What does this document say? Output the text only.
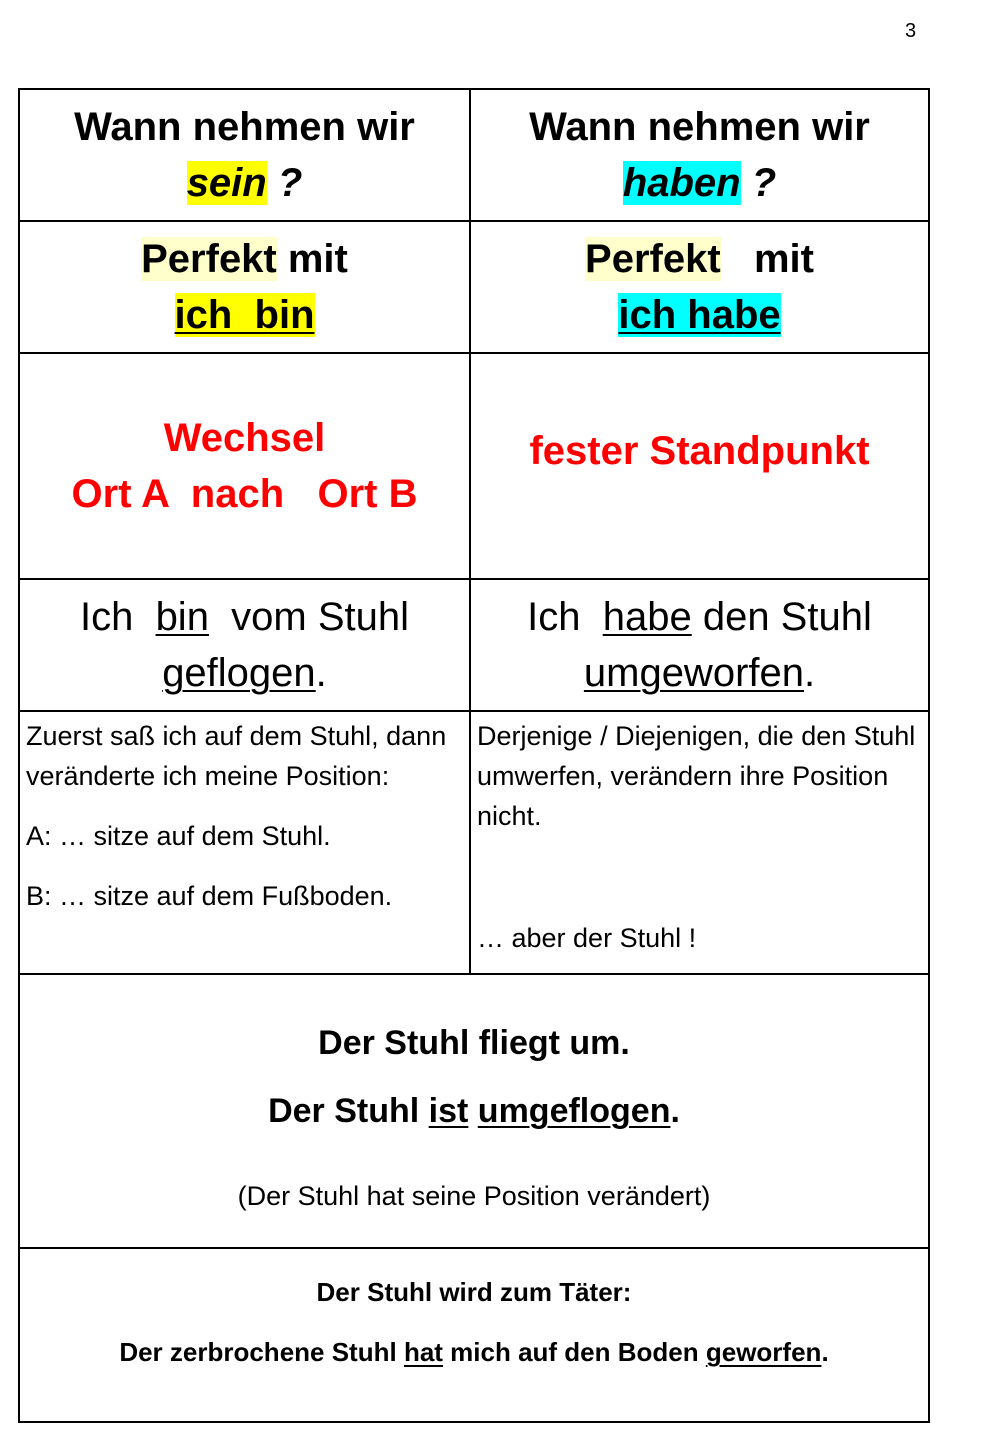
3
Wann nehmen wir
sein ?
Wann nehmen wir
haben ?
Perfekt mit
ich  bin
Perfekt   mit
ich habe
Wechsel
Ort A  nach   Ort B
fester Standpunkt
Ich  bin  vom Stuhl
geflogen.
Ich  habe den Stuhl
umgeworfen.

Zuerst saß ich auf dem Stuhl, dann veränderte ich meine Position:

A: … sitze auf dem Stuhl.

B: … sitze auf dem Fußboden.

Derjenige / Diejenigen, die den Stuhl umwerfen, verändern ihre Position nicht.

… aber der Stuhl !

Der Stuhl fliegt um.
Der Stuhl ist umgeflogen.
(Der Stuhl hat seine Position verändert)
Der Stuhl wird zum Täter:
Der zerbrochene Stuhl hat mich auf den Boden geworfen.
